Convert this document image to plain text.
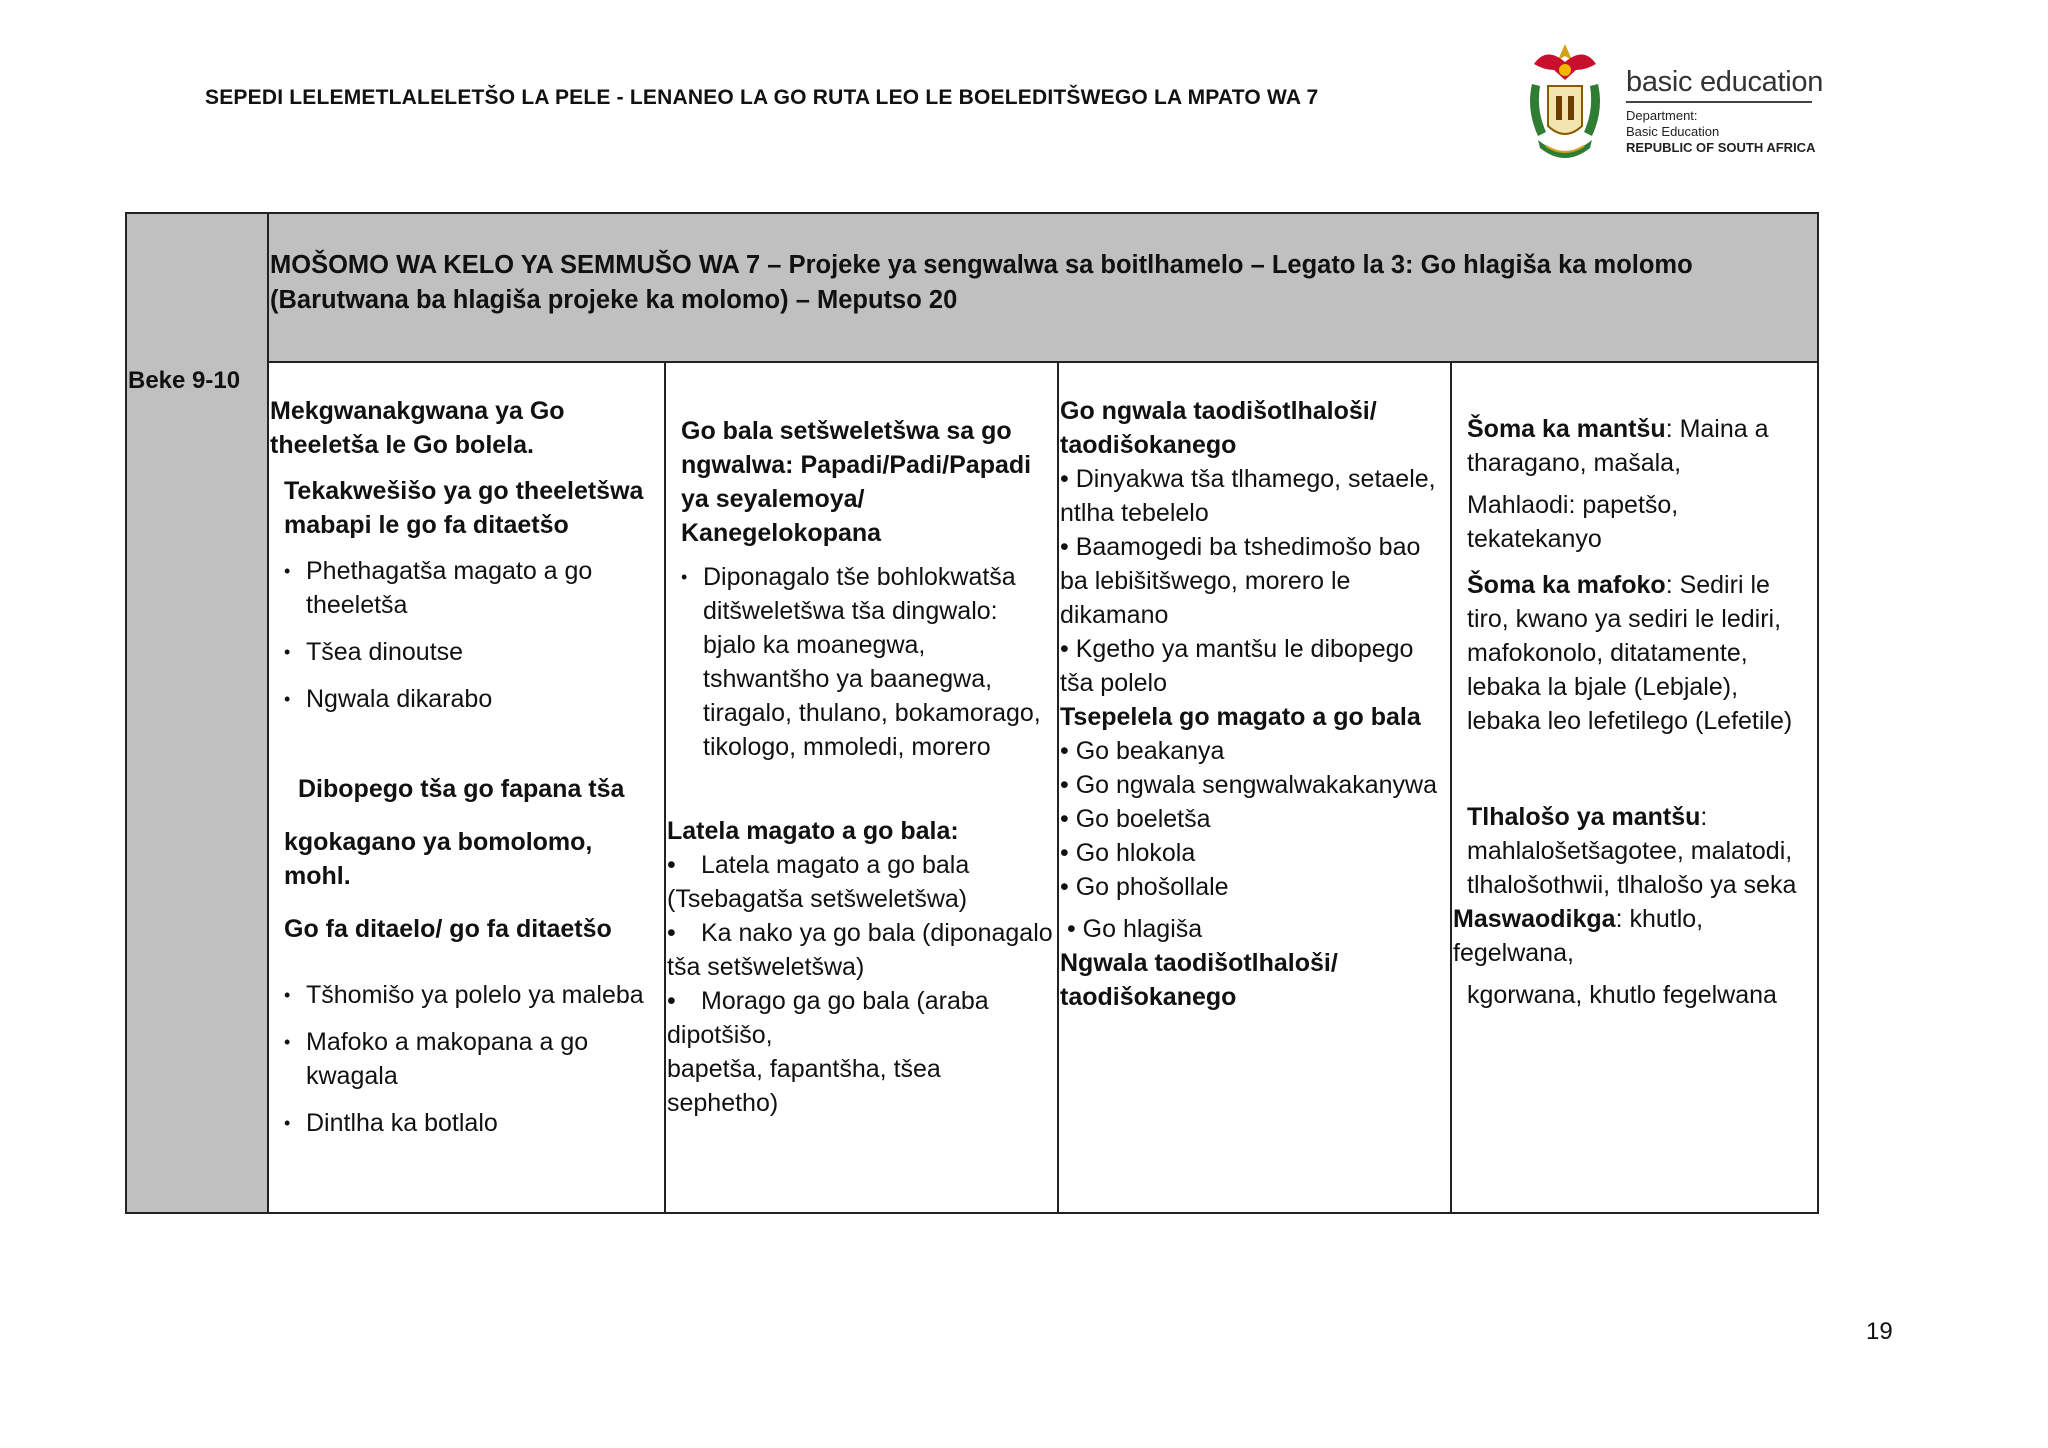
SEPEDI LELEMETLALELETŠO LA PELE - LENANEO LA GO RUTA LEO LE BOELEDITŠWEGO LA MPATO WA 7	basic education
Department:
Basic Education
REPUBLIC OF SOUTH AFRICA
Beke 9-10
MOŠOMO WA KELO YA SEMMUŠO WA 7 – Projeke ya sengwalwa sa boitlhamelo – Legato la 3: Go hlagiša ka molomo (Barutwana ba hlagiša projeke ka molomo) – Meputso 20

Mekgwanakgwana ya Go theeletša le Go bolela.

Tekakwešišo ya go theeletšwa mabapi le go fa ditaetšo

• Phethagatša magato a go theeletša

• Tšea dinoutse

• Ngwala dikarabo

Dibopego tša go fapana tša

kgokagano ya bomolomo, mohl.

Go fa ditaelo/ go fa ditaetšo

• Tšhomišo ya polelo ya maleba

• Mafoko a makopana a go kwagala

• Dintlha ka botlalo

Go bala setšweletšwa sa go ngwalwa: Papadi/Padi/Papadi ya seyalemoya/ Kanegelokopana

• Diponagalo tše bohlokwatša ditšweletšwa tša dingwalo: bjalo ka moanegwa, tshwantšho ya baanegwa, tiragalo, thulano, bokamorago, tikologo, mmoledi, morero

Latela magato a go bala:

• Latela magato a go bala

(Tsebagatša setšweletšwa)

• Ka nako ya go bala (diponagalo

tša setšweletšwa)

• Morago ga go bala (araba

dipotšišo,
bapetša, fapantšha, tšea sephetho)

Go ngwala taodišotlhaloši/ taodišokanego

• Dinyakwa tša tlhamego, setaele, ntlha tebelelo

• Baamogedi ba tshedimošo bao ba lebišitšwego, morero le dikamano

• Kgetho ya mantšu le dibopego tša polelo

Tsepelela go magato a go bala

• Go beakanya

• Go ngwala sengwalwakakanywa

• Go boeletša

• Go hlokola

• Go phošollale

• Go hlagiša

Ngwala taodišotlhaloši/ taodišokanego

Šoma ka mantšu: Maina a tharagano, mašala,

Mahlaodi: papetšo, tekatekanyo

Šoma ka mafoko: Sediri le tiro, kwano ya sediri le lediri, mafokonolo, ditatamente, lebaka la bjale (Lebjale), lebaka leo lefetilego (Lefetile)

Tlhalošo ya mantšu:
mahlalošetšagotee, malatodi, tlhalošothwii, tlhalošo ya seka

Maswaodikga: khutlo,
fegelwana,

kgorwana, khutlo fegelwana

19
